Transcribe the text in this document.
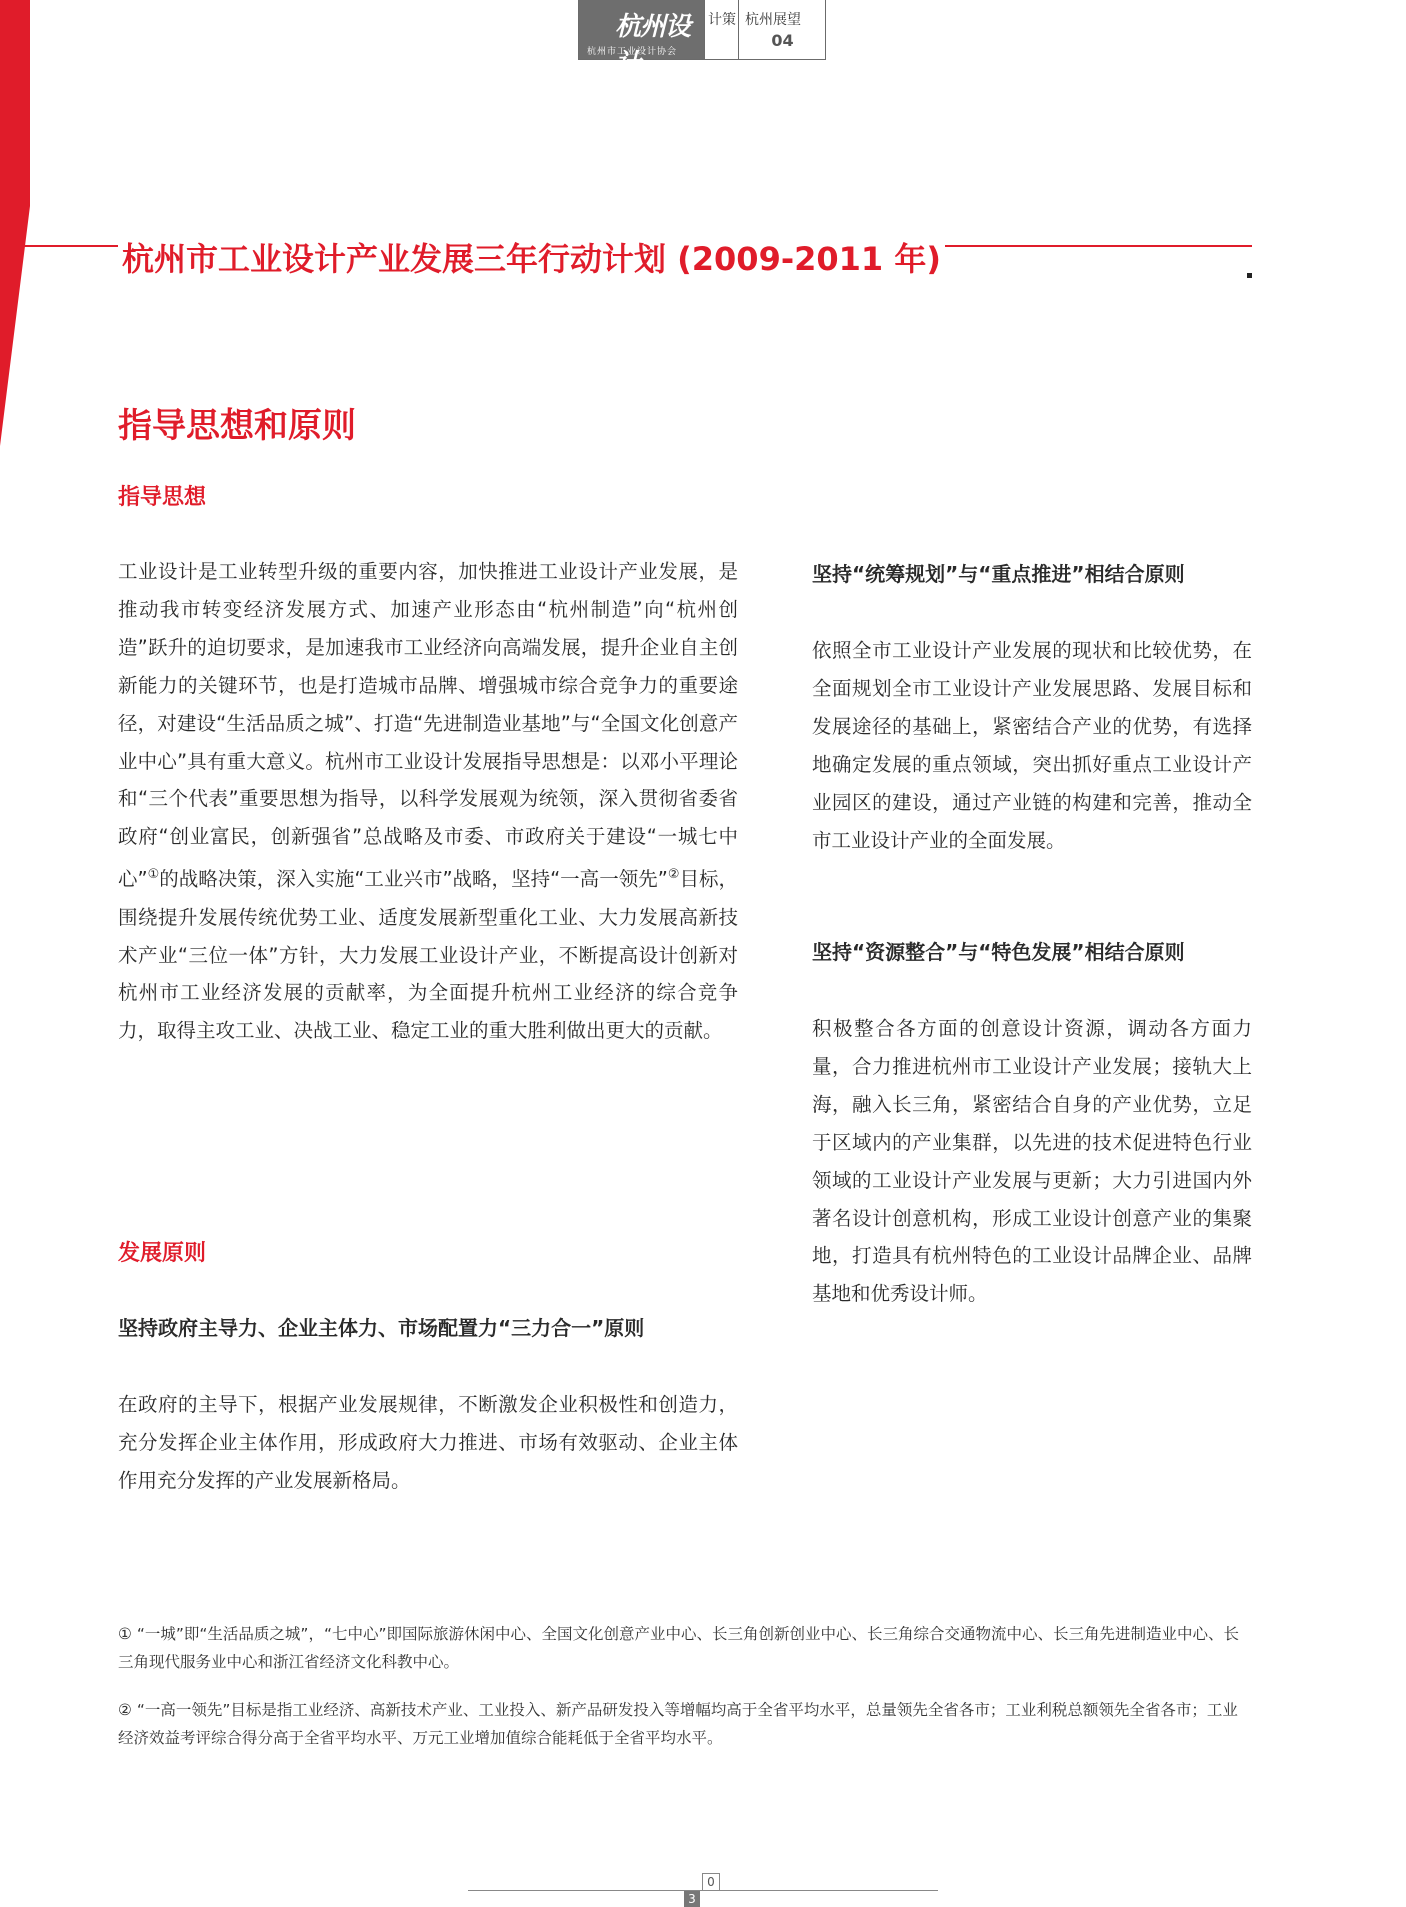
杭州设计
杭州市工业设计协会
计策 杭州展望
04
杭州市工业设计产业发展三年行动计划 (2009-2011 年)
指导思想和原则
指导思想

工业设计是工业转型升级的重要内容，加快推进工业设计产业发展，是推动我市转变经济发展方式、加速产业形态由“杭州制造”向“杭州创造”跃升的迫切要求，是加速我市工业经济向高端发展，提升企业自主创新能力的关键环节，也是打造城市品牌、增强城市综合竞争力的重要途径，对建设“生活品质之城”、打造“先进制造业基地”与“全国文化创意产业中心”具有重大意义。杭州市工业设计发展指导思想是：以邓小平理论和“三个代表”重要思想为指导，以科学发展观为统领，深入贯彻省委省政府“创业富民，创新强省”总战略及市委、市政府关于建设“一城七中心”①的战略决策，深入实施“工业兴市”战略，坚持“一高一领先”②目标，围绕提升发展传统优势工业、适度发展新型重化工业、大力发展高新技术产业“三位一体”方针，大力发展工业设计产业，不断提高设计创新对杭州市工业经济发展的贡献率，为全面提升杭州工业经济的综合竞争力，取得主攻工业、决战工业、稳定工业的重大胜利做出更大的贡献。

发展原则

坚持政府主导力、企业主体力、市场配置力“三力合一”原则

在政府的主导下，根据产业发展规律，不断激发企业积极性和创造力，充分发挥企业主体作用，形成政府大力推进、市场有效驱动、企业主体作用充分发挥的产业发展新格局。

坚持“统筹规划”与“重点推进”相结合原则

依照全市工业设计产业发展的现状和比较优势，在全面规划全市工业设计产业发展思路、发展目标和发展途径的基础上，紧密结合产业的优势，有选择地确定发展的重点领域，突出抓好重点工业设计产业园区的建设，通过产业链的构建和完善，推动全市工业设计产业的全面发展。

坚持“资源整合”与“特色发展”相结合原则

积极整合各方面的创意设计资源，调动各方面力量，合力推进杭州市工业设计产业发展；接轨大上海，融入长三角，紧密结合自身的产业优势，立足于区域内的产业集群，以先进的技术促进特色行业领域的工业设计产业发展与更新；大力引进国内外著名设计创意机构，形成工业设计创意产业的集聚地，打造具有杭州特色的工业设计品牌企业、品牌基地和优秀设计师。

① “一城”即“生活品质之城”，“七中心”即国际旅游休闲中心、全国文化创意产业中心、长三角创新创业中心、长三角综合交通物流中心、长三角先进制造业中心、长三角现代服务业中心和浙江省经济文化科教中心。

② “一高一领先”目标是指工业经济、高新技术产业、工业投入、新产品研发投入等增幅均高于全省平均水平，总量领先全省各市；工业利税总额领先全省各市；工业经济效益考评综合得分高于全省平均水平、万元工业增加值综合能耗低于全省平均水平。

0
3
